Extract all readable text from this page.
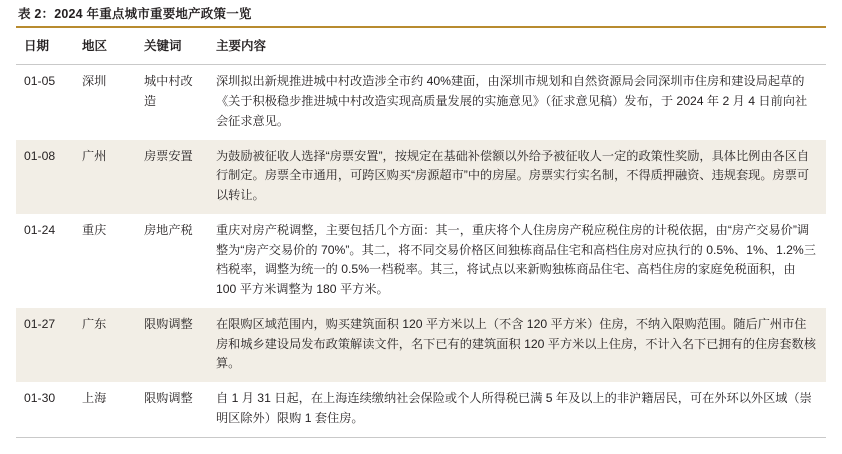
表 2：2024 年重点城市重要地产政策一览
日期	地区	关键词	主要内容
01-05	深圳	城中村改造	深圳拟出新规推进城中村改造涉全市约 40%建面，由深圳市规划和自然资源局会同深圳市住房和建设局起草的《关于积极稳步推进城中村改造实现高质量发展的实施意见》（征求意见稿）发布，于 2024 年 2 月 4 日前向社会征求意见。
01-08	广州	房票安置	为鼓励被征收人选择“房票安置”，按规定在基础补偿额以外给予被征收人一定的政策性奖励，具体比例由各区自行制定。房票全市通用，可跨区购买“房源超市”中的房屋。房票实行实名制，不得质押融资、违规套现。房票可以转让。
01-24	重庆	房地产税	重庆对房产税调整，主要包括几个方面：其一，重庆将个人住房房产税应税住房的计税依据，由“房产交易价”调整为“房产交易价的 70%”。其二，将不同交易价格区间独栋商品住宅和高档住房对应执行的 0.5%、1%、1.2%三档税率，调整为统一的 0.5%一档税率。其三，将试点以来新购独栋商品住宅、高档住房的家庭免税面积，由 100 平方米调整为 180 平方米。
01-27	广东	限购调整	在限购区域范围内，购买建筑面积 120 平方米以上（不含 120 平方米）住房，不纳入限购范围。随后广州市住房和城乡建设局发布政策解读文件，名下已有的建筑面积 120 平方米以上住房，不计入名下已拥有的住房套数核算。
01-30	上海	限购调整	自 1 月 31 日起，在上海连续缴纳社会保险或个人所得税已满 5 年及以上的非沪籍居民，可在外环以外区域（崇明区除外）限购 1 套住房。
